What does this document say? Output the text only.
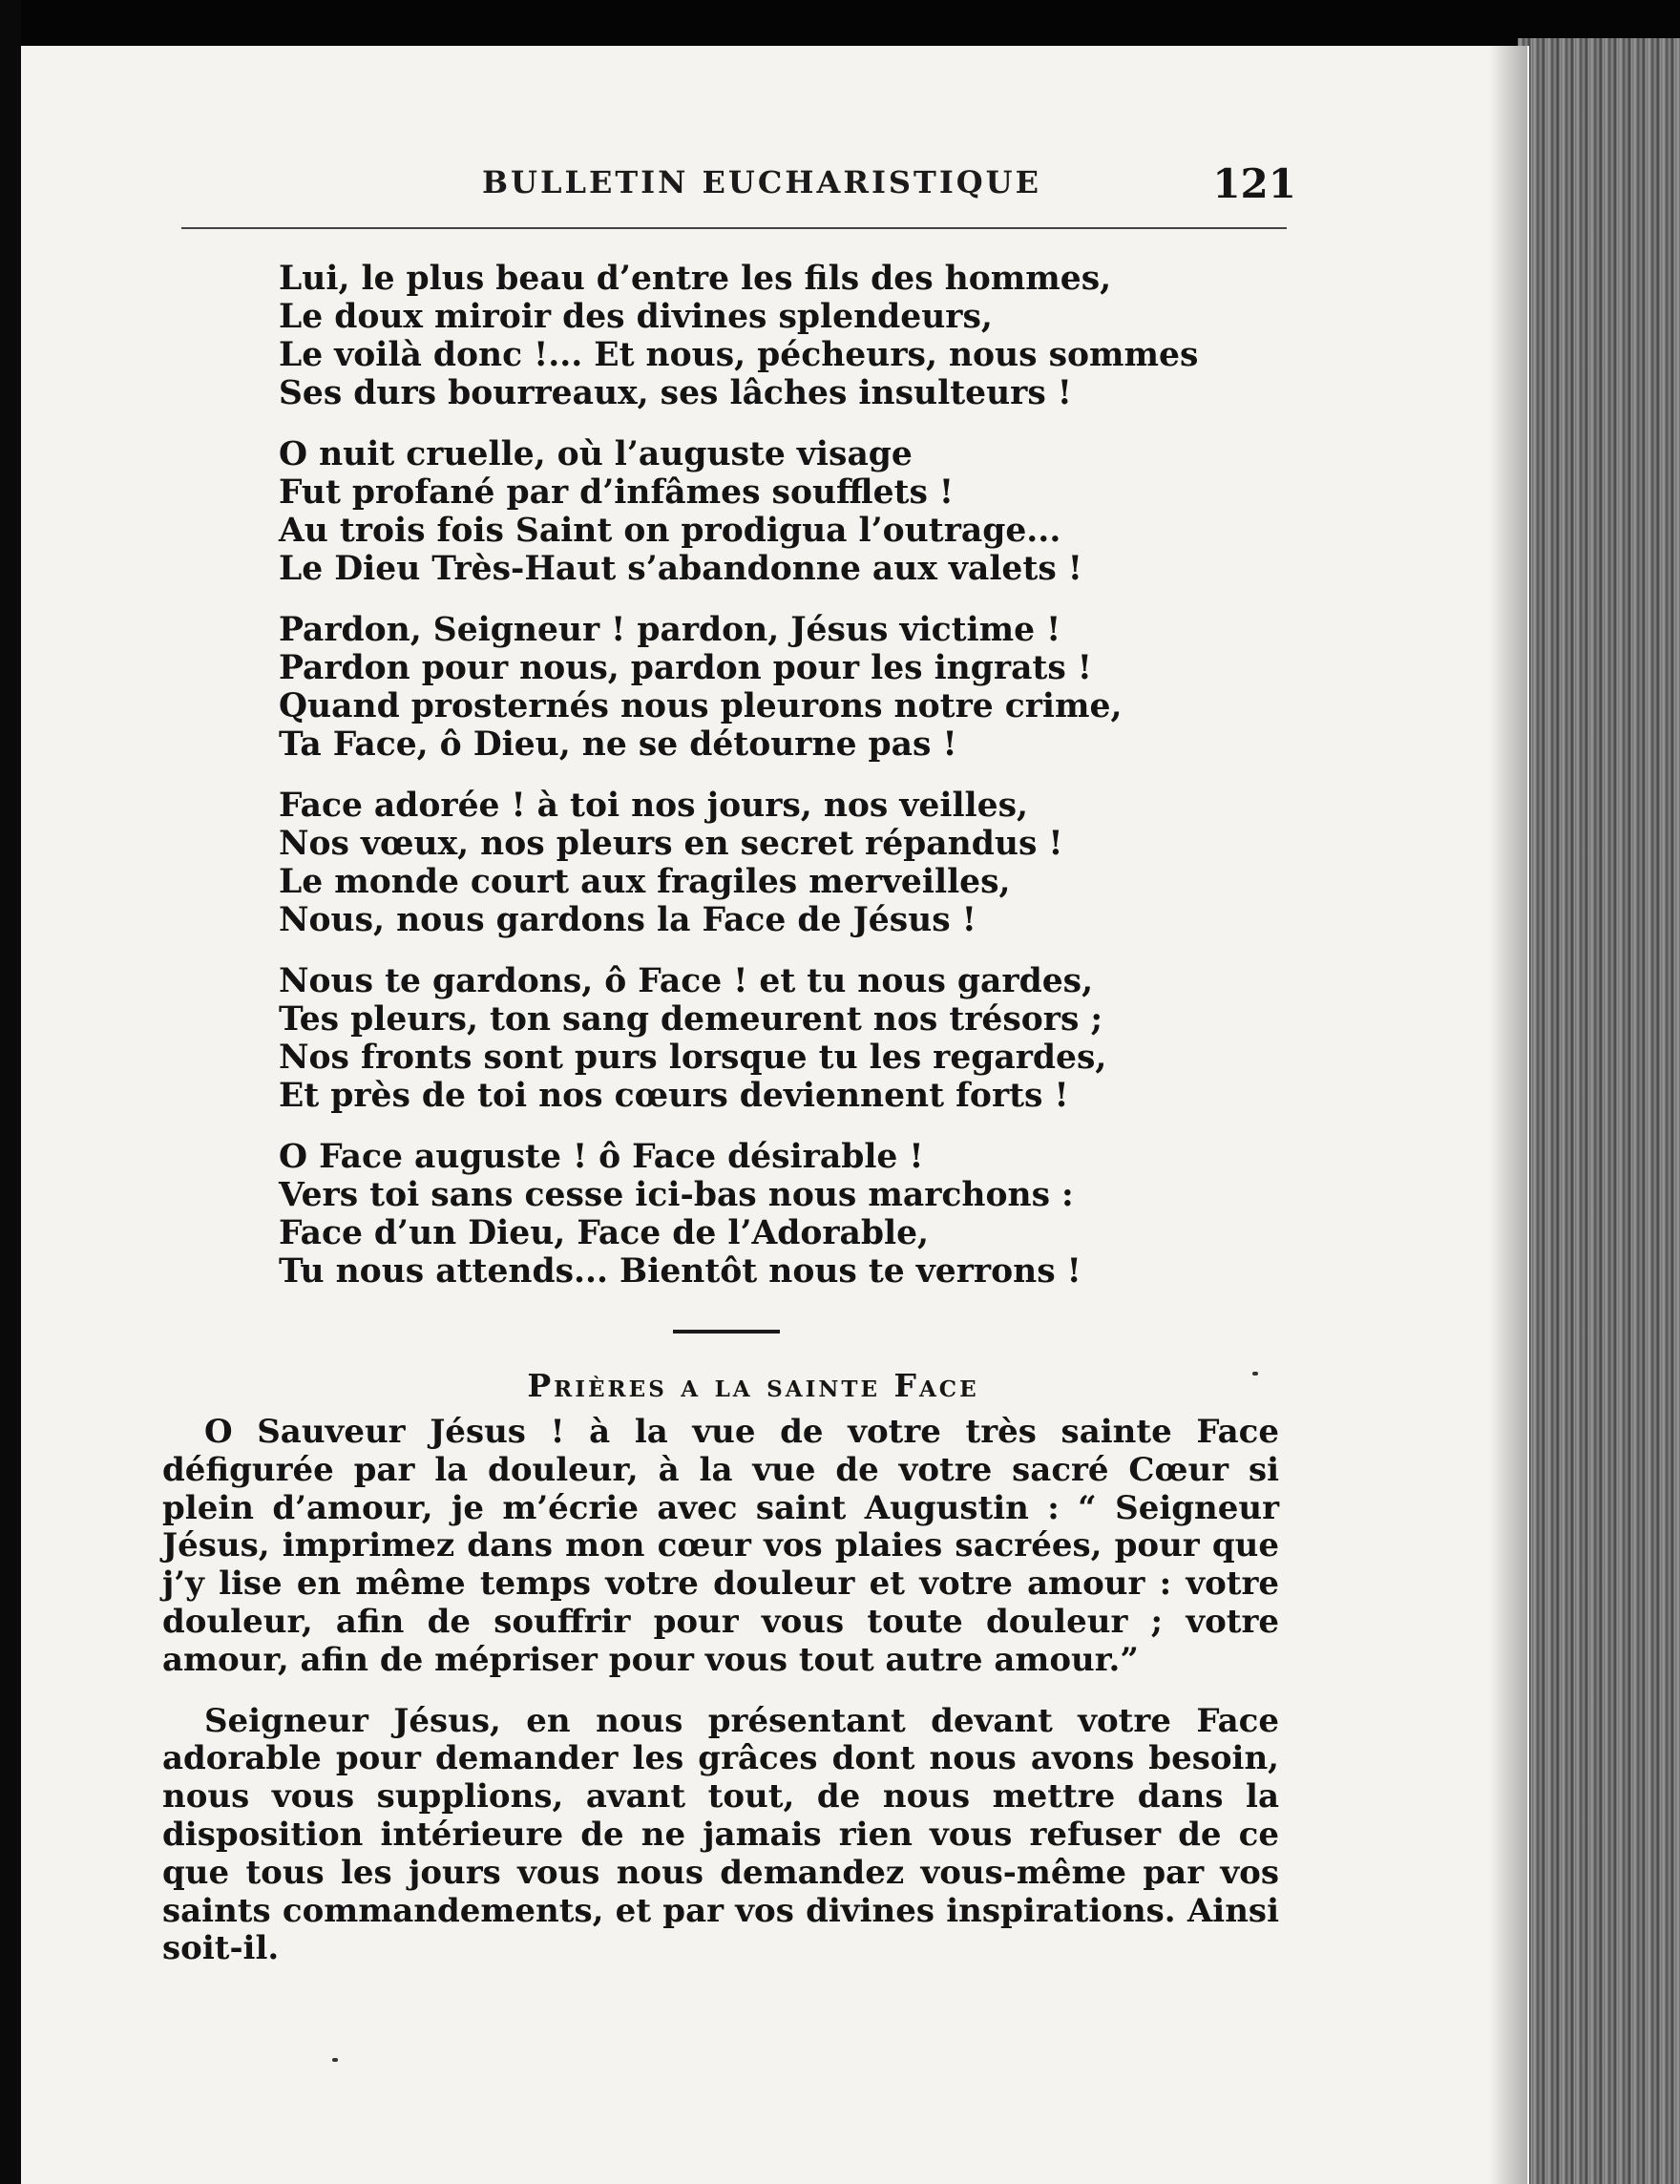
BULLETIN EUCHARISTIQUE	121
Lui, le plus beau d’entre les fils des hommes,
Le doux miroir des divines splendeurs,
Le voilà donc !... Et nous, pécheurs, nous sommes
Ses durs bourreaux, ses lâches insulteurs !
O nuit cruelle, où l’auguste visage
Fut profané par d’infâmes soufflets !
Au trois fois Saint on prodigua l’outrage...
Le Dieu Très-Haut s’abandonne aux valets !
Pardon, Seigneur ! pardon, Jésus victime !
Pardon pour nous, pardon pour les ingrats !
Quand prosternés nous pleurons notre crime,
Ta Face, ô Dieu, ne se détourne pas !
Face adorée ! à toi nos jours, nos veilles,
Nos vœux, nos pleurs en secret répandus !
Le monde court aux fragiles merveilles,
Nous, nous gardons la Face de Jésus !
Nous te gardons, ô Face ! et tu nous gardes,
Tes pleurs, ton sang demeurent nos trésors ;
Nos fronts sont purs lorsque tu les regardes,
Et près de toi nos cœurs deviennent forts !
O Face auguste ! ô Face désirable !
Vers toi sans cesse ici-bas nous marchons :
Face d’un Dieu, Face de l’Adorable,
Tu nous attends... Bientôt nous te verrons !
Prières a la sainte Face

O Sauveur Jésus ! à la vue de votre très sainte Face défigurée par la douleur, à la vue de votre sacré Cœur si plein d’amour, je m’écrie avec saint Augustin : “ Seigneur Jésus, imprimez dans mon cœur vos plaies sacrées, pour que j’y lise en même temps votre douleur et votre amour : votre douleur, afin de souffrir pour vous toute douleur ; votre amour, afin de mépriser pour vous tout autre amour.”

Seigneur Jésus, en nous présentant devant votre Face adorable pour demander les grâces dont nous avons besoin, nous vous supplions, avant tout, de nous mettre dans la disposition intérieure de ne jamais rien vous refuser de ce que tous les jours vous nous demandez vous-même par vos saints commandements, et par vos divines inspirations. Ainsi soit-il.
